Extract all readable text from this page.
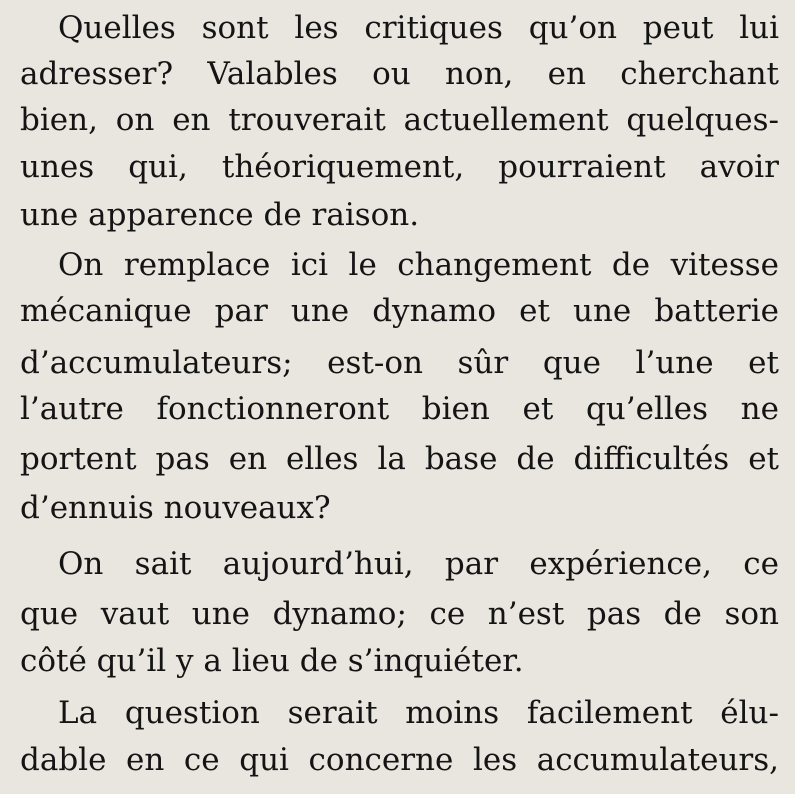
Quelles sont les critiques qu’on peut lui

adresser? Valables ou non, en cherchant

bien, on en trouverait actuellement quelques-

unes qui, théoriquement, pourraient avoir

une apparence de raison.

On remplace ici le changement de vitesse

mécanique par une dynamo et une batterie

d’accumulateurs; est-on sûr que l’une et

l’autre fonctionneront bien et qu’elles ne

portent pas en elles la base de difficultés et

d’ennuis nouveaux?

On sait aujourd’hui, par expérience, ce

que vaut une dynamo; ce n’est pas de son

côté qu’il y a lieu de s’inquiéter.

La question serait moins facilement élu-

dable en ce qui concerne les accumulateurs,
